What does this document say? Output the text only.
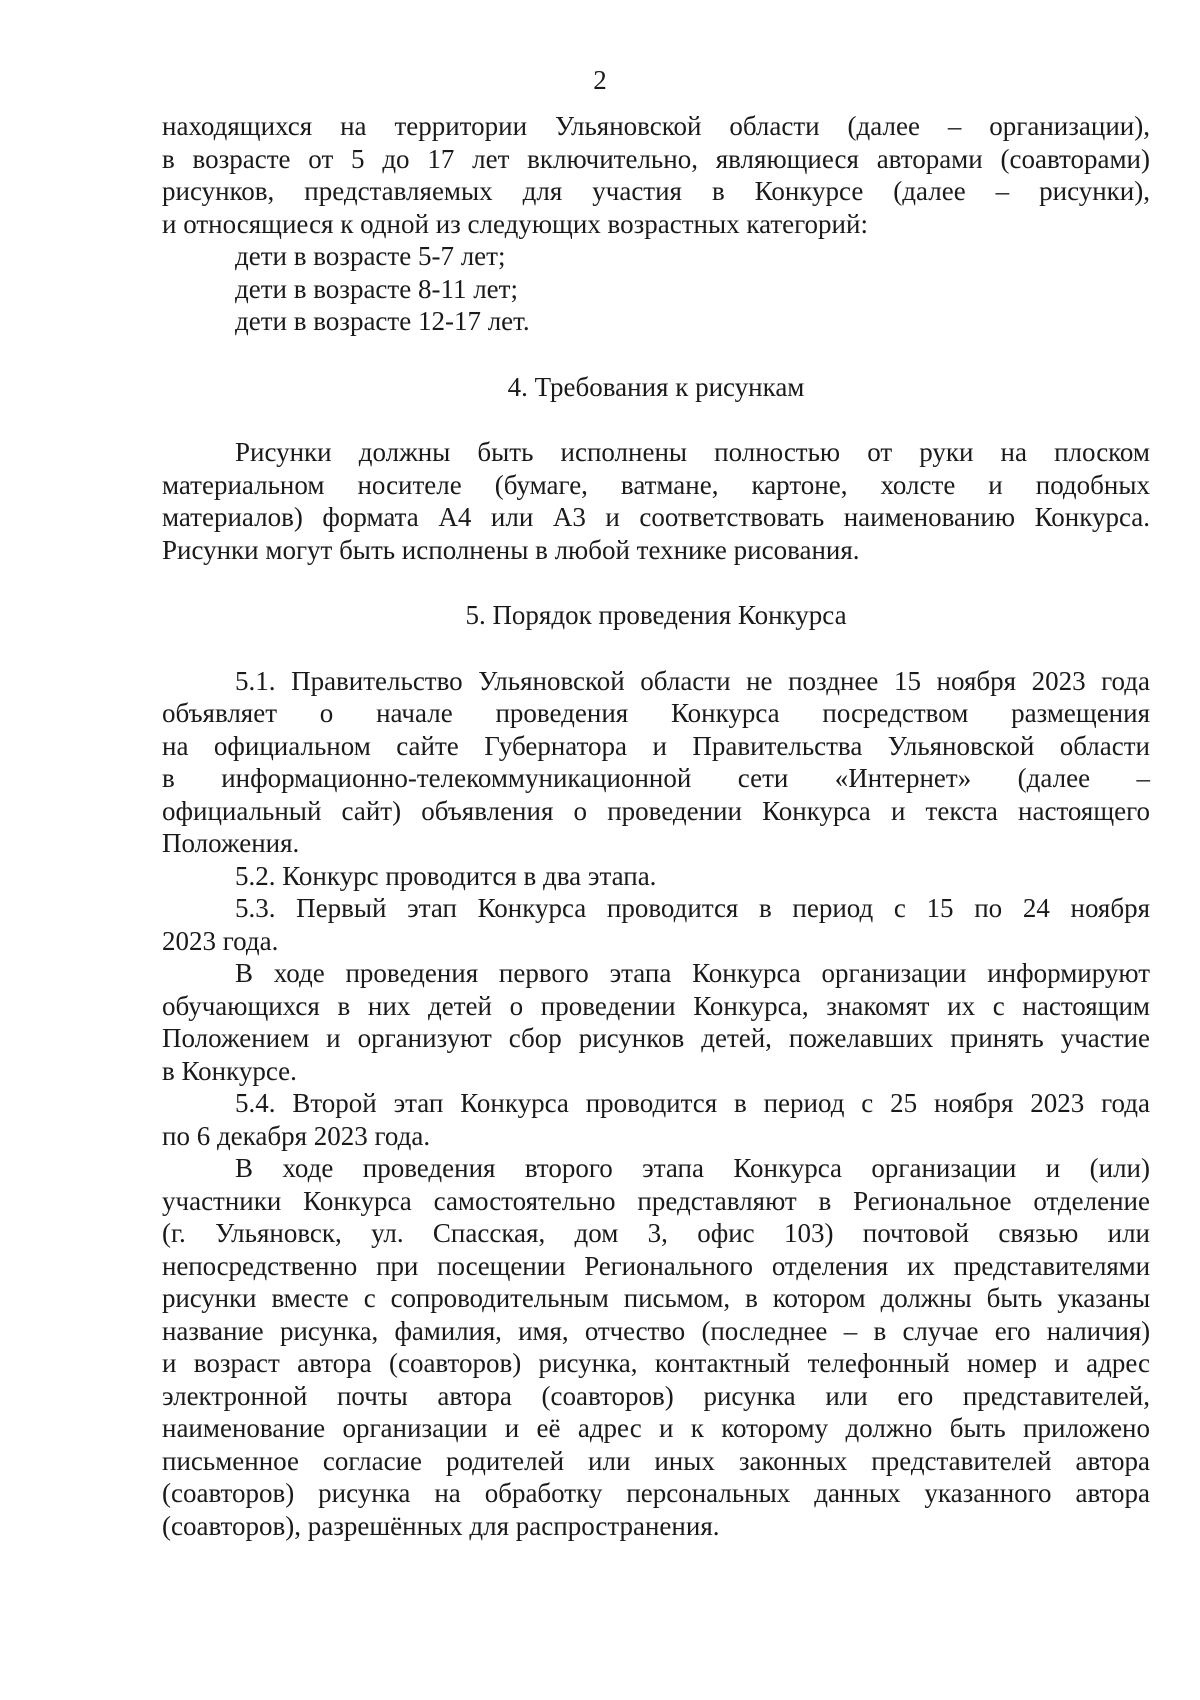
2

находящихся на территории Ульяновской области (далее – организации),

в возрасте от 5 до 17 лет включительно, являющиеся авторами (соавторами)

рисунков, представляемых для участия в Конкурсе (далее – рисунки),

и относящиеся к одной из следующих возрастных категорий:

дети в возрасте 5-7 лет;

дети в возрасте 8-11 лет;

дети в возрасте 12-17 лет.

4. Требования к рисункам

Рисунки должны быть исполнены полностью от руки на плоском

материальном носителе (бумаге, ватмане, картоне, холсте и подобных

материалов) формата А4 или А3 и соответствовать наименованию Конкурса.

Рисунки могут быть исполнены в любой технике рисования.

5. Порядок проведения Конкурса

5.1. Правительство Ульяновской области не позднее 15 ноября 2023 года

объявляет о начале проведения Конкурса посредством размещения

на официальном сайте Губернатора и Правительства Ульяновской области

в информационно-телекоммуникационной сети «Интернет» (далее –

официальный сайт) объявления о проведении Конкурса и текста настоящего

Положения.

5.2. Конкурс проводится в два этапа.

5.3. Первый этап Конкурса проводится в период с 15 по 24 ноября

2023 года.

В ходе проведения первого этапа Конкурса организации информируют

обучающихся в них детей о проведении Конкурса, знакомят их с настоящим

Положением и организуют сбор рисунков детей, пожелавших принять участие

в Конкурсе.

5.4. Второй этап Конкурса проводится в период с 25 ноября 2023 года

по 6 декабря 2023 года.

В ходе проведения второго этапа Конкурса организации и (или)

участники Конкурса самостоятельно представляют в Региональное отделение

(г. Ульяновск, ул. Спасская, дом 3, офис 103) почтовой связью или

непосредственно при посещении Регионального отделения их представителями

рисунки вместе с сопроводительным письмом, в котором должны быть указаны

название рисунка, фамилия, имя, отчество (последнее – в случае его наличия)

и возраст автора (соавторов) рисунка, контактный телефонный номер и адрес

электронной почты автора (соавторов) рисунка или его представителей,

наименование организации и её адрес и к которому должно быть приложено

письменное согласие родителей или иных законных представителей автора

(соавторов) рисунка на обработку персональных данных указанного автора

(соавторов), разрешённых для распространения.
